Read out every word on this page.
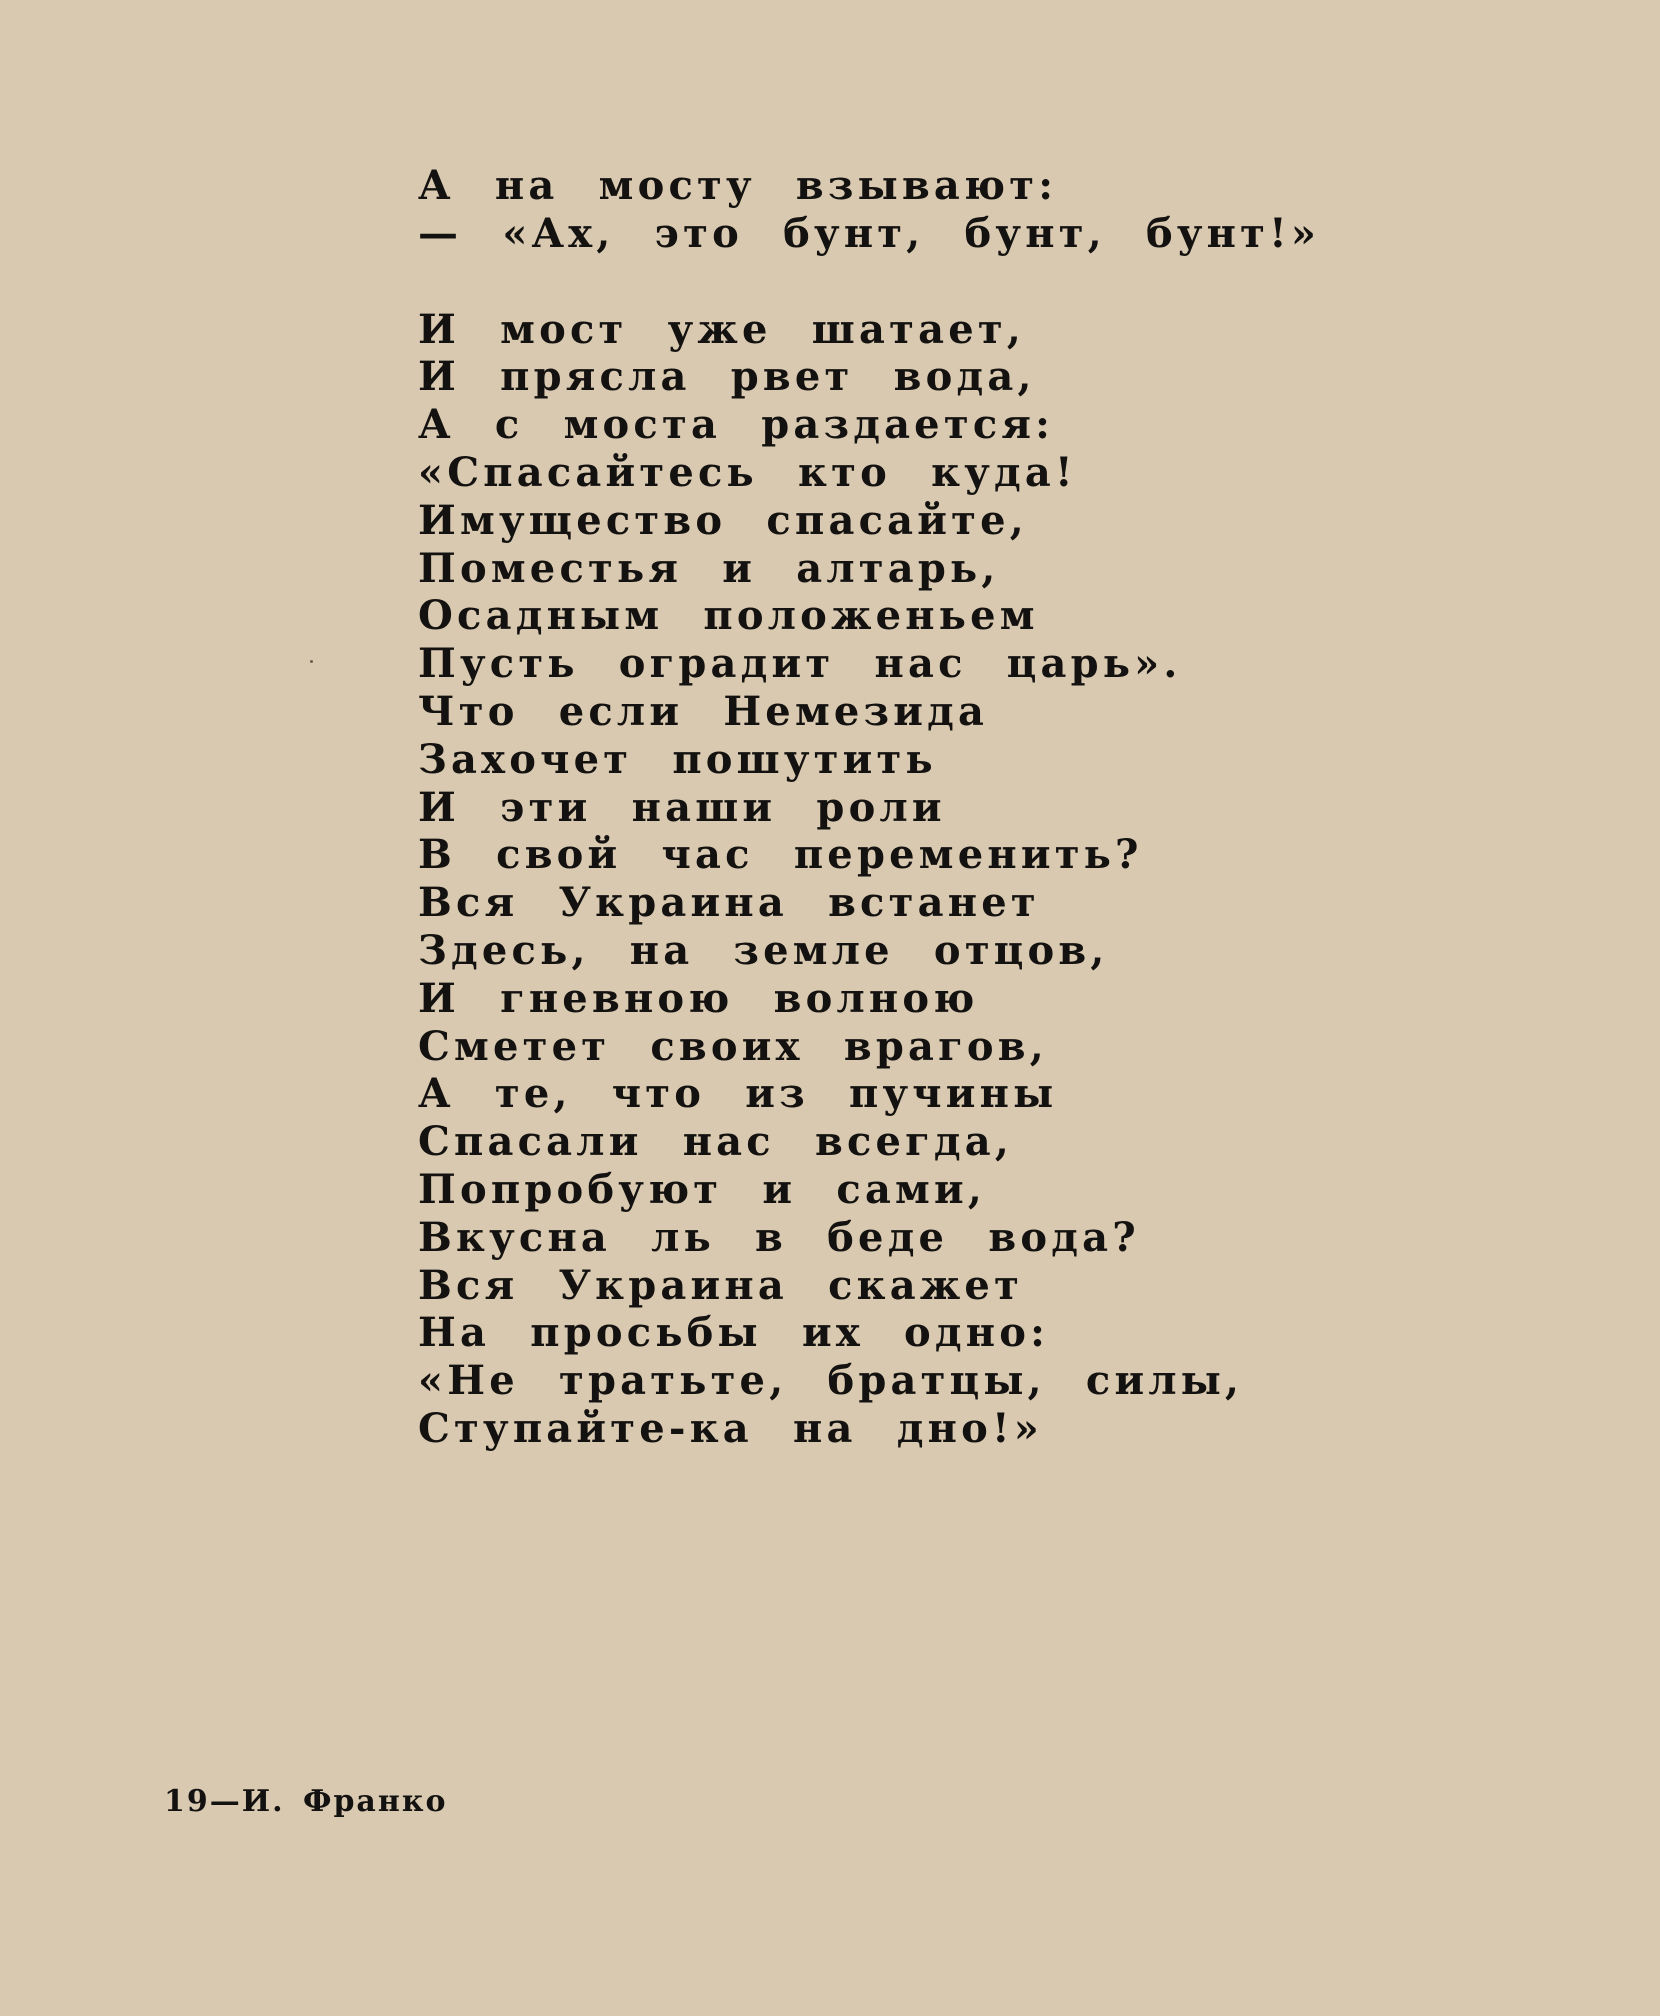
А на мосту взывают:
— «Ах, это бунт, бунт, бунт!»
И мост уже шатает,
И прясла рвет вода,
А с моста раздается:
«Спасайтесь кто куда!
Имущество спасайте,
Поместья и алтарь,
Осадным положеньем
Пусть оградит нас царь».
Что если Немезида
Захочет пошутить
И эти наши роли
В свой час переменить?
Вся Украина встанет
Здесь, на земле отцов,
И гневною волною
Сметет своих врагов,
А те, что из пучины
Спасали нас всегда,
Попробуют и сами,
Вкусна ль в беде вода?
Вся Украина скажет
На просьбы их одно:
«Не тратьте, братцы, силы,
Ступайте-ка на дно!»
19—И. Франко
